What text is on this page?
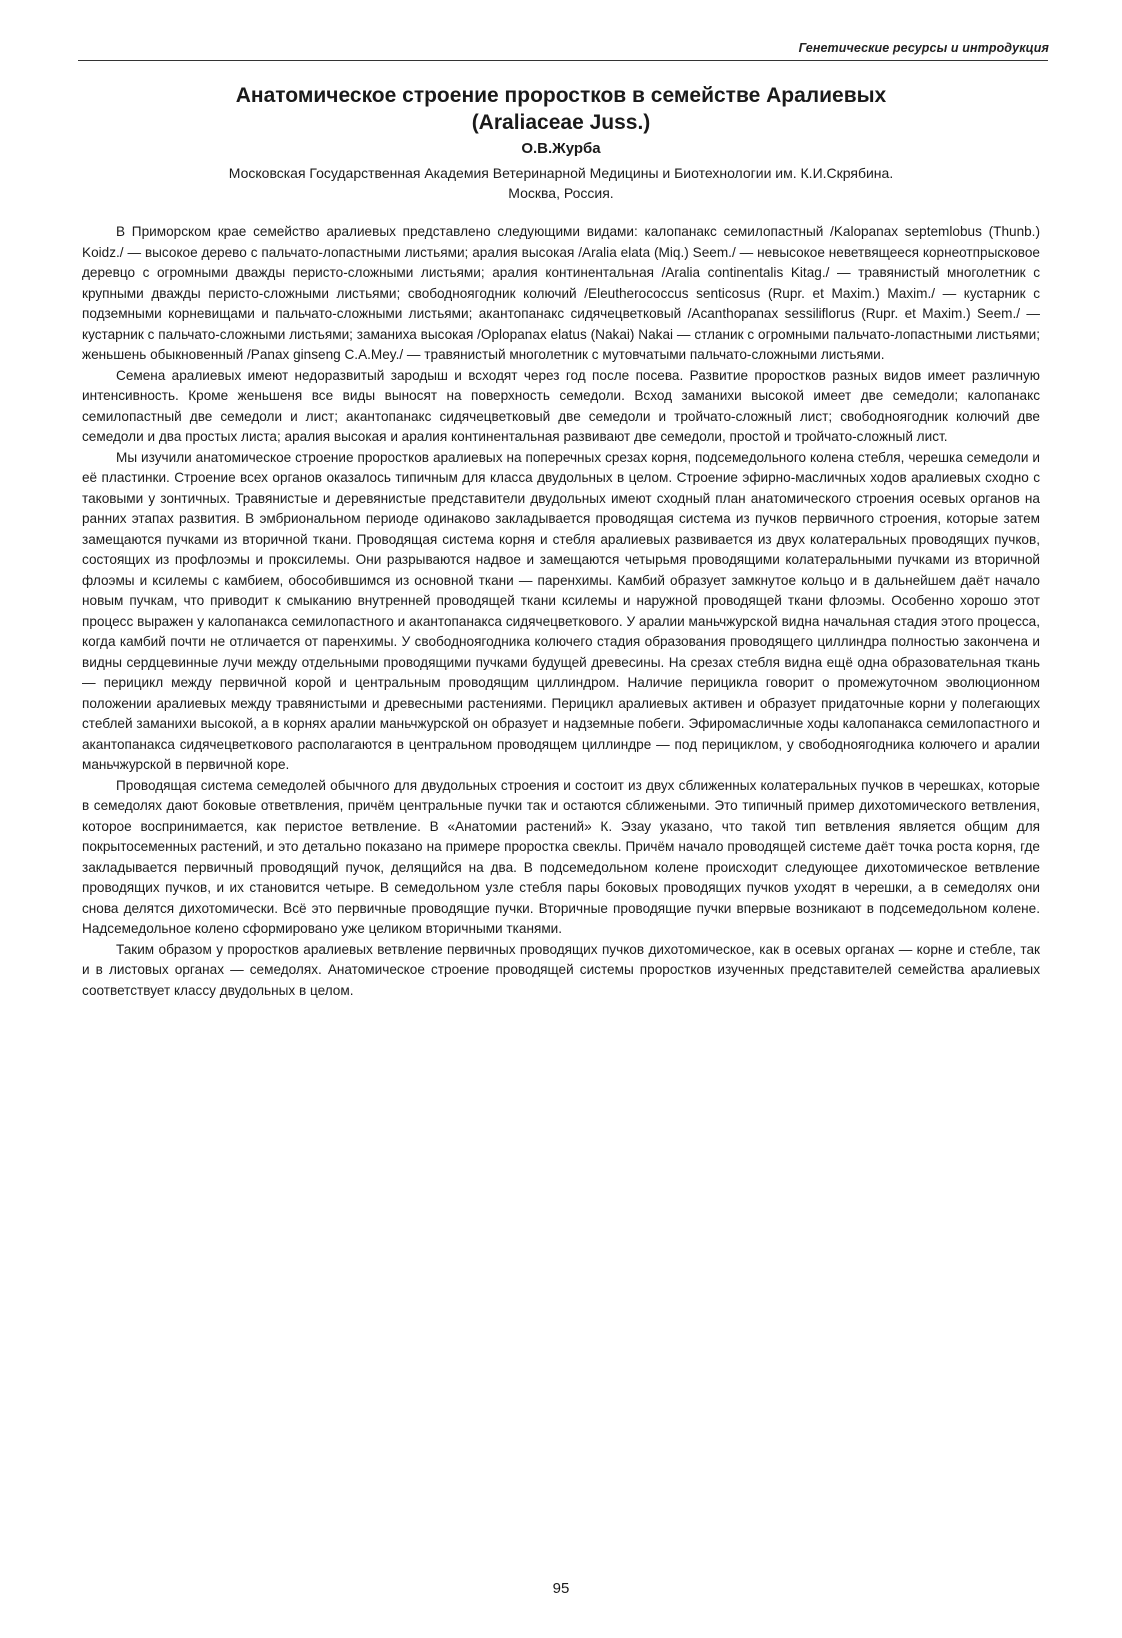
Генетические ресурсы и интродукция
Анатомическое строение проростков в семействе Аралиевых
(Araliaceae Juss.)

О.В.Журба

Московская Государственная Академия Ветеринарной Медицины и Биотехнологии им. К.И.Скрябина.
Москва, Россия.

В Приморском крае семейство аралиевых представлено следующими видами: калопанакс семилопастный /Kalopanax septemlobus (Thunb.) Koidz./ — высокое дерево с пальчато-лопастными листьями; аралия высокая /Aralia elata (Miq.) Seem./ — невысокое неветвящееся корнеотпрысковое деревцо с огромными дважды перисто-сложными листьями; аралия континентальная /Aralia continentalis Kitag./ — травянистый многолетник с крупными дважды перисто-сложными листьями; свободноягодник колючий /Eleutherococcus senticosus (Rupr. et Maxim.) Maxim./ — кустарник с подземными корневищами и пальчато-сложными листьями; акантопанакс сидячецветковый /Acanthopanax sessiliflorus (Rupr. et Maxim.) Seem./ — кустарник с пальчато-сложными листьями; заманиха высокая /Oplopanax elatus (Nakai) Nakai — стланик с огромными пальчато-лопастными листьями; женьшень обыкновенный /Panax ginseng C.A.Mey./ — травянистый многолетник с мутовчатыми пальчато-сложными листьями.

Семена аралиевых имеют недоразвитый зародыш и всходят через год после посева. Развитие проростков разных видов имеет различную интенсивность. Кроме женьшеня все виды выносят на поверхность семедоли. Всход заманихи высокой имеет две семедоли; калопанакс семилопастный две семедоли и лист; акантопанакс сидячецветковый две семедоли и тройчато-сложный лист; свободноягодник колючий две семедоли и два простых листа; аралия высокая и аралия континентальная развивают две семедоли, простой и тройчато-сложный лист.

Мы изучили анатомическое строение проростков аралиевых на поперечных срезах корня, подсемедольного колена стебля, черешка семедоли и её пластинки. Строение всех органов оказалось типичным для класса двудольных в целом. Строение эфирно-масличных ходов аралиевых сходно с таковыми у зонтичных. Травянистые и деревянистые представители двудольных имеют сходный план анатомического строения осевых органов на ранних этапах развития. В эмбриональном периоде одинаково закладывается проводящая система из пучков первичного строения, которые затем замещаются пучками из вторичной ткани. Проводящая система корня и стебля аралиевых развивается из двух колатеральных проводящих пучков, состоящих из профлоэмы и проксилемы. Они разрываются надвое и замещаются четырьмя проводящими колатеральными пучками из вторичной флоэмы и ксилемы с камбием, обособившимся из основной ткани — паренхимы. Камбий образует замкнутое кольцо и в дальнейшем даёт начало новым пучкам, что приводит к смыканию внутренней проводящей ткани ксилемы и наружной проводящей ткани флоэмы. Особенно хорошо этот процесс выражен у калопанакса семилопастного и акантопанакса сидячецветкового. У аралии маньчжурской видна начальная стадия этого процесса, когда камбий почти не отличается от паренхимы. У свободноягодника колючего стадия образования проводящего циллиндра полностью закончена и видны сердцевинные лучи между отдельными проводящими пучками будущей древесины. На срезах стебля видна ещё одна образовательная ткань — перицикл между первичной корой и центральным проводящим циллиндром. Наличие перицикла говорит о промежуточном эволюционном положении аралиевых между травянистыми и древесными растениями. Перицикл аралиевых активен и образует придаточные корни у полегающих стеблей заманихи высокой, а в корнях аралии маньчжурской он образует и надземные побеги. Эфиромасличные ходы калопанакса семилопастного и акантопанакса сидячецветкового располагаются в центральном проводящем циллиндре — под перициклом, у свободноягодника колючего и аралии маньчжурской в первичной коре.

Проводящая система семедолей обычного для двудольных строения и состоит из двух сближенных колатеральных пучков в черешках, которые в семедолях дают боковые ответвления, причём центральные пучки так и остаются сближеными. Это типичный пример дихотомического ветвления, которое воспринимается, как перистое ветвление. В «Анатомии растений» К. Эзау указано, что такой тип ветвления является общим для покрытосеменных растений, и это детально показано на примере проростка свеклы. Причём начало проводящей системе даёт точка роста корня, где закладывается первичный проводящий пучок, делящийся на два. В подсемедольном колене происходит следующее дихотомическое ветвление проводящих пучков, и их становится четыре. В семедольном узле стебля пары боковых проводящих пучков уходят в черешки, а в семедолях они снова делятся дихотомически. Всё это первичные проводящие пучки. Вторичные проводящие пучки впервые возникают в подсемедольном колене. Надсемедольное колено сформировано уже целиком вторичными тканями.

Таким образом у проростков аралиевых ветвление первичных проводящих пучков дихотомическое, как в осевых органах — корне и стебле, так и в листовых органах — семедолях. Анатомическое строение проводящей системы проростков изученных представителей семейства аралиевых соответствует классу двудольных в целом.

95
